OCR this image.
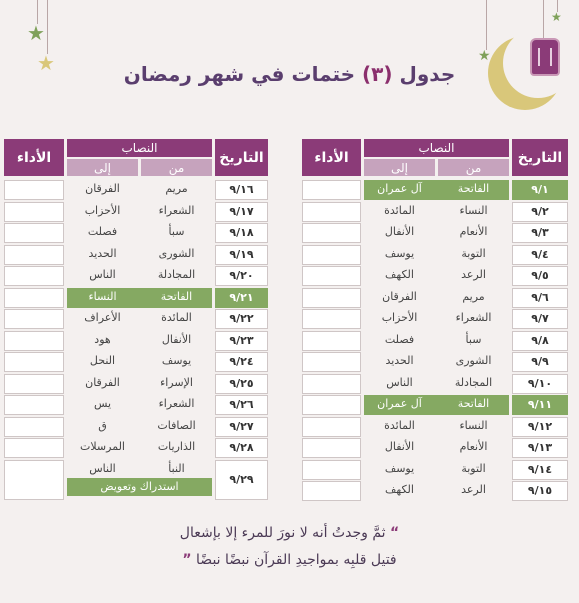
★
★	★
★
جدول (٣) ختمات في شهر رمضان
التاريخ
النصاب
من
إلى
الأداء
٩/١
الفاتحة
آل عمران
٩/٢
النساء
المائدة
٩/٣
الأنعام
الأنفال
٩/٤
التوبة
يوسف
٩/٥
الرعد
الكهف
٩/٦
مريم
الفرقان
٩/٧
الشعراء
الأحزاب
٩/٨
سبأ
فصلت
٩/٩
الشورى
الحديد
٩/١٠
المجادلة
الناس
٩/١١
الفاتحة
آل عمران
٩/١٢
النساء
المائدة
٩/١٣
الأنعام
الأنفال
٩/١٤
التوبة
يوسف
٩/١٥
الرعد
الكهف
التاريخ
النصاب
من
إلى
الأداء
٩/١٦
مريم
الفرقان
٩/١٧
الشعراء
الأحزاب
٩/١٨
سبأ
فصلت
٩/١٩
الشورى
الحديد
٩/٢٠
المجادلة
الناس
٩/٢١
الفاتحة
النساء
٩/٢٢
المائدة
الأعراف
٩/٢٣
الأنفال
هود
٩/٢٤
يوسف
النحل
٩/٢٥
الإسراء
الفرقان
٩/٢٦
الشعراء
يس
٩/٢٧
الصافات
ق
٩/٢٨
الذاريات
المرسلات
٩/٢٩
النبأ
الناس
استدراك وتعويض
“ ثمَّ وجدتُ أنه لا نورَ للمرء إلا بإشعال
فتيل قلبِه بمواجيدِ القرآن نبضًا نبضًا ”
